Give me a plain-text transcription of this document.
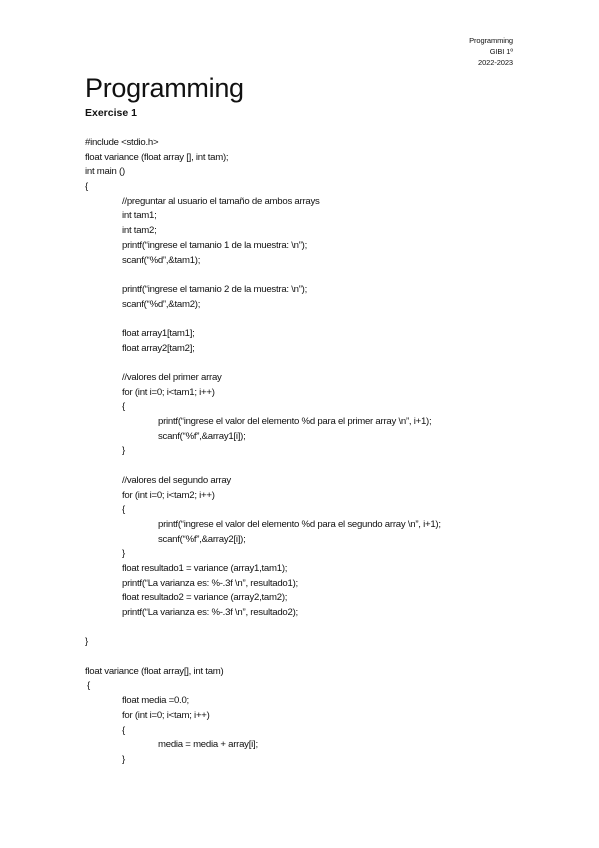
Programming
GIBI 1º
2022-2023
Programming
Exercise 1
#include <stdio.h>
float variance (float array [], int tam);
int main ()
{
//preguntar al usuario el tamaño de ambos arrays
int tam1;
int tam2;
printf(“ingrese el tamanio 1 de la muestra: \n”);
scanf(“%d”,&tam1);
printf(“ingrese el tamanio 2 de la muestra: \n”);
scanf(“%d”,&tam2);
float array1[tam1];
float array2[tam2];
//valores del primer array
for (int i=0; i<tam1; i++)
{
printf(“ingrese el valor del elemento %d para el primer array \n”, i+1);
scanf(“%f”,&array1[i]);
}
//valores del segundo array
for (int i=0; i<tam2; i++)
{
printf(“ingrese el valor del elemento %d para el segundo array \n”, i+1);
scanf(“%f”,&array2[i]);
}
float resultado1 = variance (array1,tam1);
printf(“La varianza es: %-.3f \n”, resultado1);
float resultado2 = variance (array2,tam2);
printf(“La varianza es: %-.3f \n”, resultado2);
}
float variance (float array[], int tam)
{
float media =0.0;
for (int i=0; i<tam; i++)
{
media = media + array[i];
}
